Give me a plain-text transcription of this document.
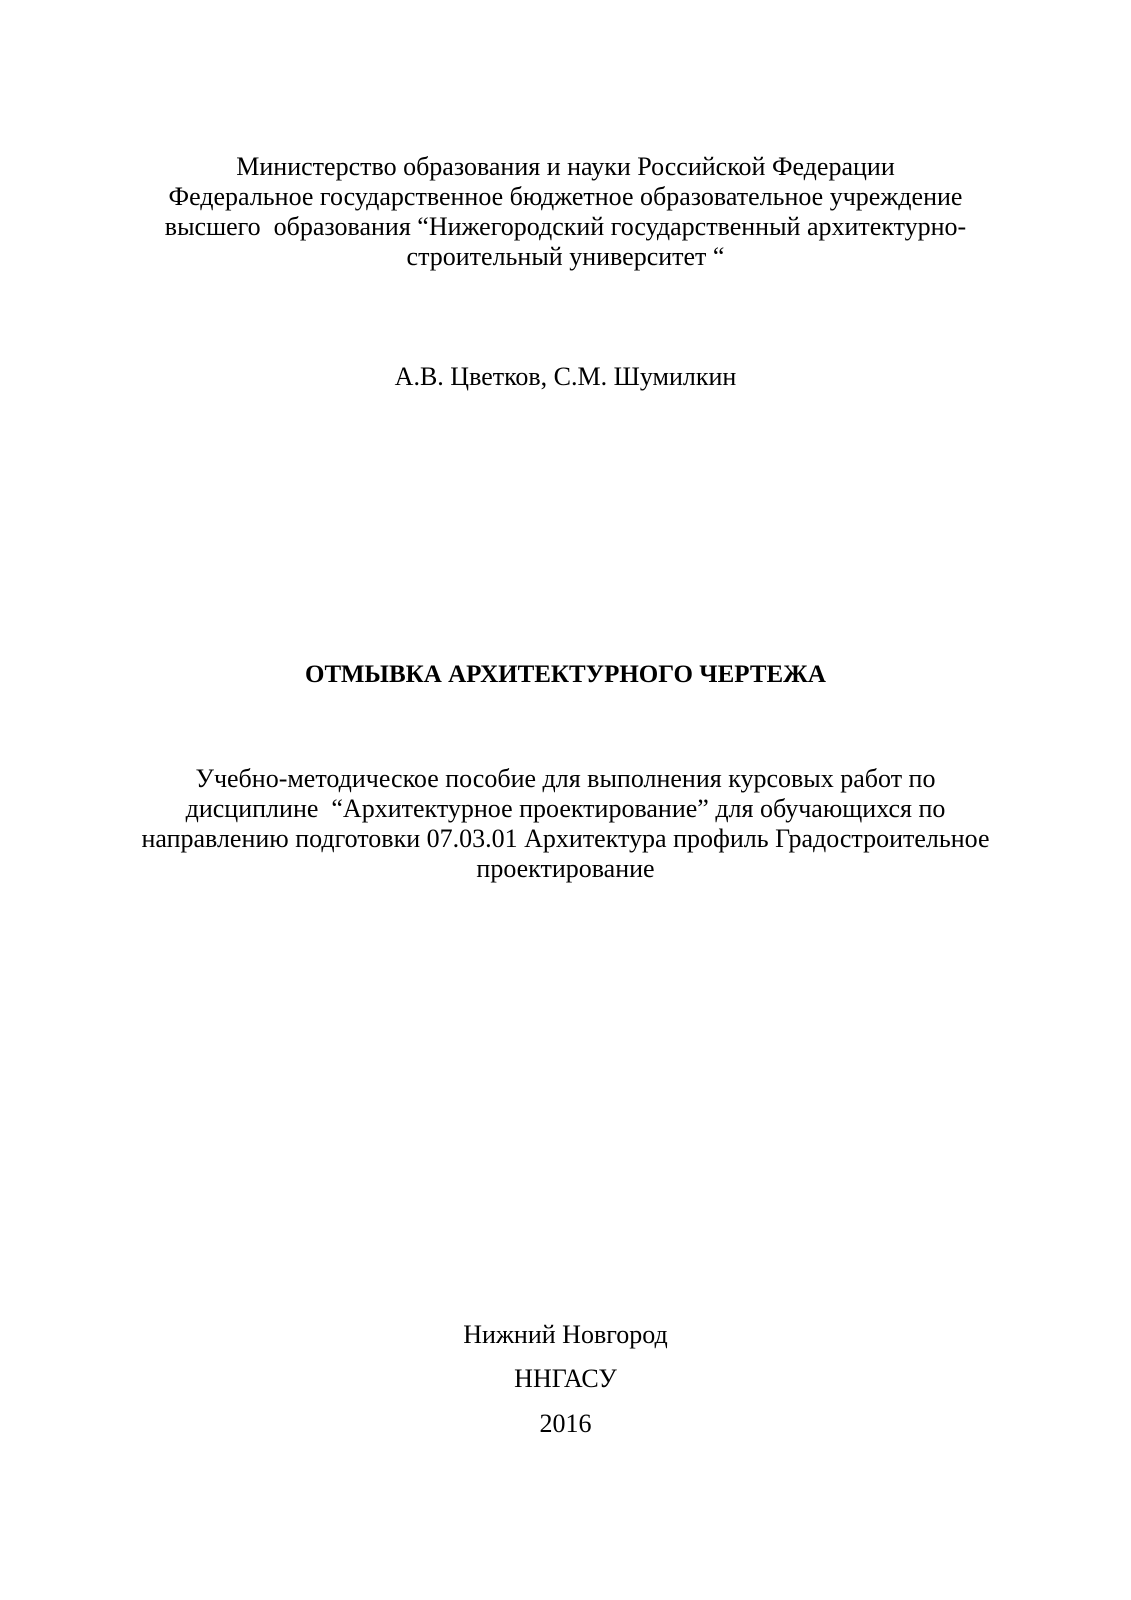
Министерство образования и науки Российской Федерации
Федеральное государственное бюджетное образовательное учреждение
высшего  образования “Нижегородский государственный архитектурно-
строительный университет “
А.В. Цветков, С.М. Шумилкин
ОТМЫВКА АРХИТЕКТУРНОГО ЧЕРТЕЖА
Учебно-методическое пособие для выполнения курсовых работ по
дисциплине  “Архитектурное проектирование” для обучающихся по
направлению подготовки 07.03.01 Архитектура профиль Градостроительное
проектирование
Нижний Новгород
ННГАСУ
2016
